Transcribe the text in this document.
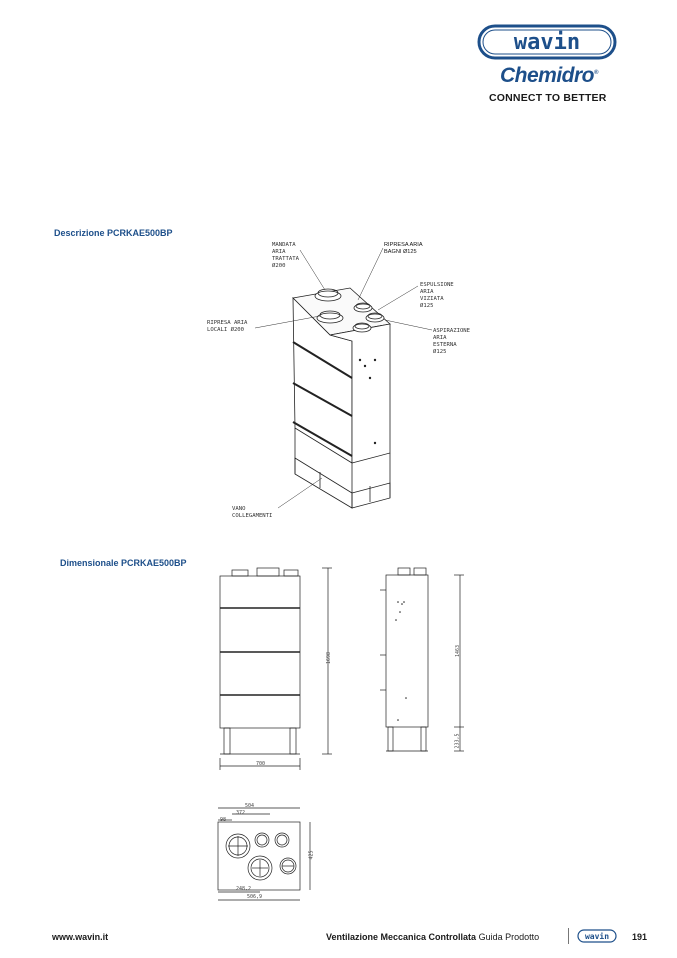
wavin
Chemidro®
CONNECT TO BETTER
Descrizione PCRKAE500BP
MANDATA
ARIA
TRATTATA
Ø200
RIPRESA ARIA
BAGNI Ø125
ESPULSIONE
ARIA
VIZIATA
Ø125
RIPRESA ARIA
LOCALI Ø200	ASPIRAZIONE
ARIA
ESTERNA
Ø125
VANO
COLLEGAMENTI
Dimensionale PCRKAE500BP
1698
700
1463
233,5
504
372
98
425
248,2
506,9
www.wavin.it	Ventilazione Meccanica Controllata Guida Prodotto	wavin	191
